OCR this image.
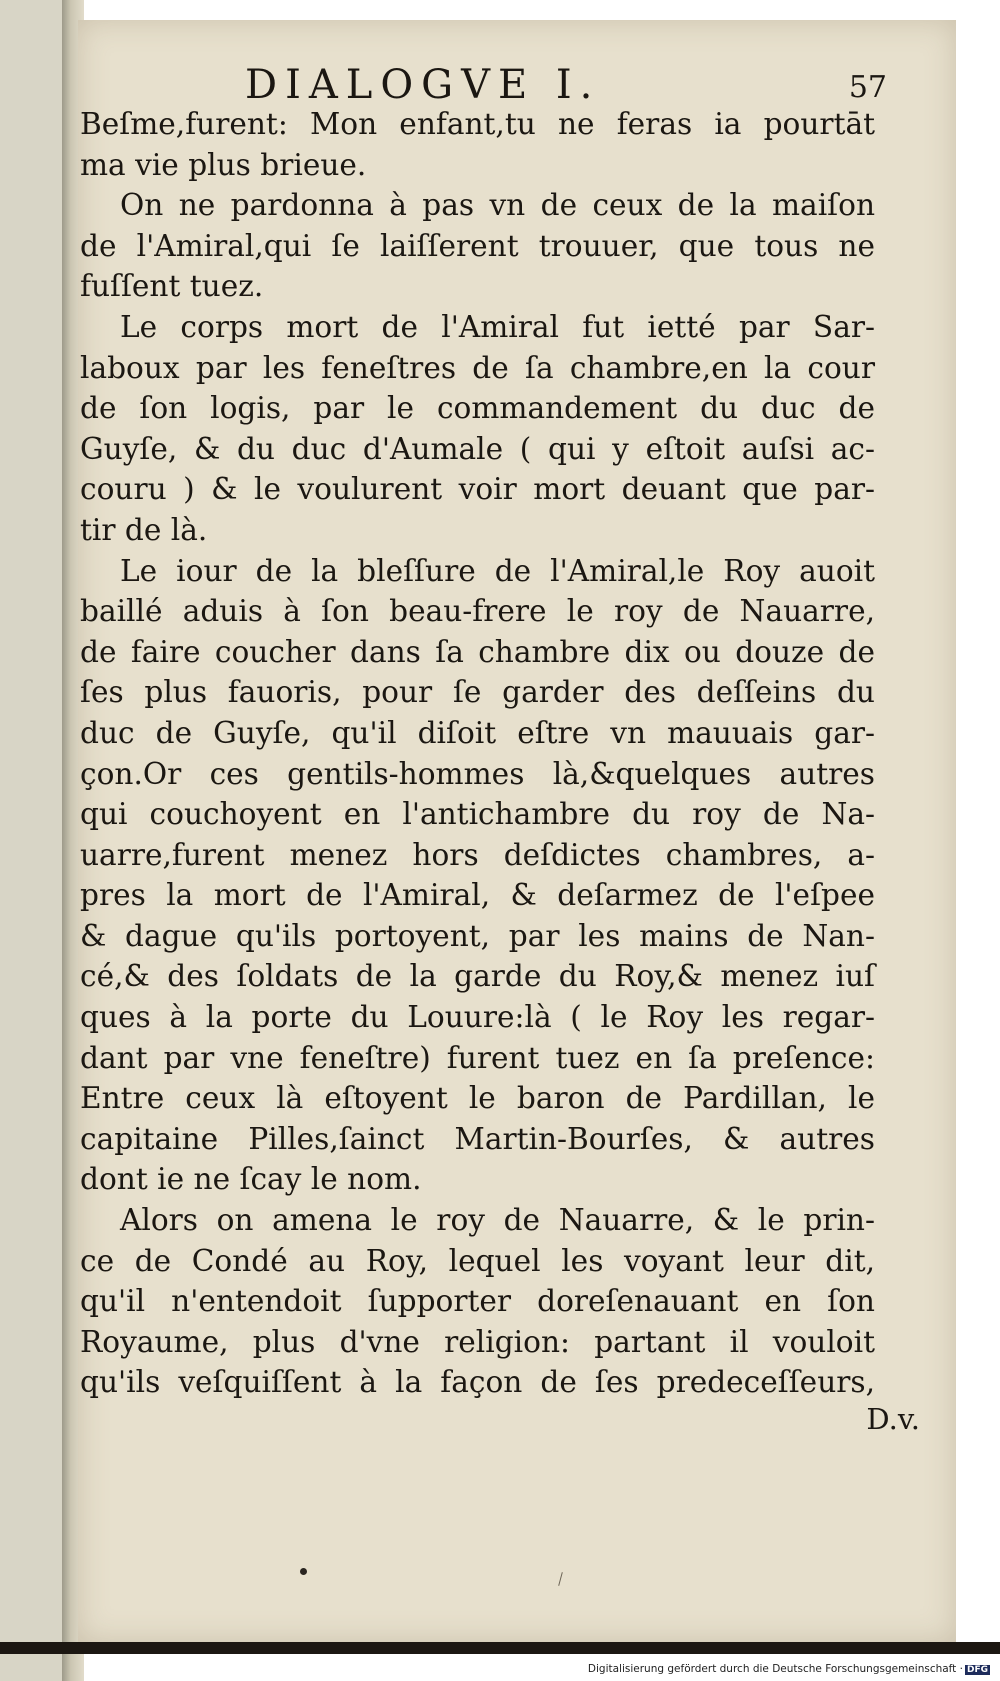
DIALOGVE I.	57
Beſme,furent: Mon enfant,tu ne feras ia pourtāt
ma vie plus brieue.
On ne pardonna à pas vn de ceux de la maiſon
de l'Amiral,qui ſe laiſſerent trouuer, que tous ne
fuſſent tuez.
Le corps mort de l'Amiral fut ietté par Sar-
laboux par les feneſtres de ſa chambre,en la cour
de ſon logis, par le commandement du duc de
Guyſe, & du duc d'Aumale ( qui y eſtoit auſsi ac-
couru ) & le voulurent voir mort deuant que par-
tir de là.
Le iour de la bleſſure de l'Amiral,le Roy auoit
baillé aduis à ſon beau-frere le roy de Nauarre,
de faire coucher dans ſa chambre dix ou douze de
ſes plus fauoris, pour ſe garder des deſſeins du
duc de Guyſe, qu'il diſoit eſtre vn mauuais gar-
çon.Or ces gentils-hommes là,&quelques autres
qui couchoyent en l'antichambre du roy de Na-
uarre,furent menez hors deſdictes chambres, a-
pres la mort de l'Amiral, & deſarmez de l'eſpee
& dague qu'ils portoyent, par les mains de Nan-
cé,& des ſoldats de la garde du Roy,& menez iuſ
ques à la porte du Louure:là ( le Roy les regar-
dant par vne feneſtre) furent tuez en ſa preſence:
Entre ceux là eſtoyent le baron de Pardillan, le
capitaine Pilles,ſainct Martin-Bourſes, & autres
dont ie ne ſcay le nom.
Alors on amena le roy de Nauarre, & le prin-
ce de Condé au Roy, lequel les voyant leur dit,
qu'il n'entendoit ſupporter doreſenauant en ſon
Royaume, plus d'vne religion: partant il vouloit
qu'ils veſquiſſent à la façon de ſes predeceſſeurs,
D.v.
Digitalisierung gefördert durch die Deutsche Forschungsgemeinschaft · DFG
